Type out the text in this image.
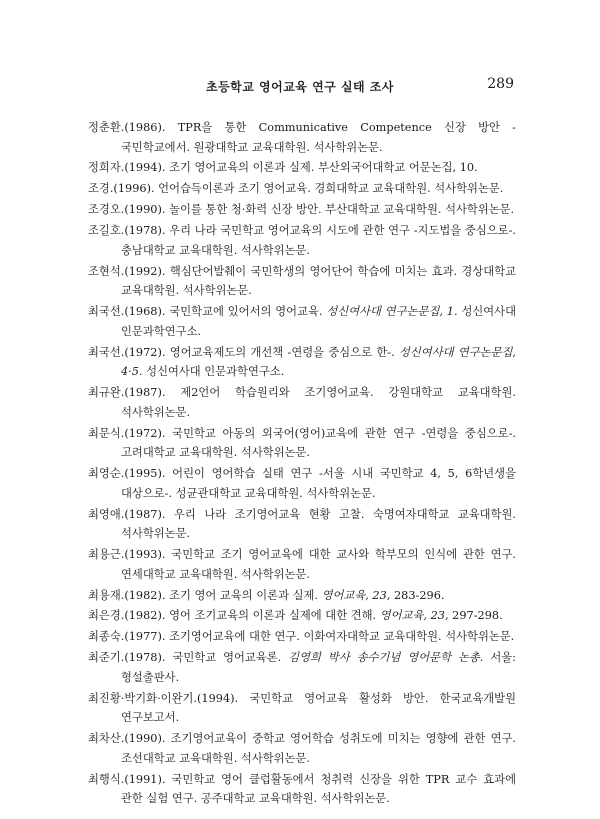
초등학교 영어교육 연구 실태 조사	289

정춘환.(1986). TPR을 통한 Communicative Competence 신장 방안 - 국민학교에서. 원광대학교 교육대학원. 석사학위논문.

정희자.(1994). 조기 영어교육의 이론과 실제. 부산외국어대학교 어문논집, 10.

조경.(1996). 언어습득이론과 조기 영어교육. 경희대학교 교육대학원. 석사학위논문.

조경오.(1990). 놀이를 통한 청·화력 신장 방안. 부산대학교 교육대학원. 석사학위논문.

조길호.(1978). 우리 나라 국민학교 영어교육의 시도에 관한 연구 -지도법을 중심으로-. 충남대학교 교육대학원. 석사학위논문.

조현석.(1992). 핵심단어발췌이 국민학생의 영어단어 학습에 미치는 효과. 경상대학교 교육대학원. 석사학위논문.

최국선.(1968). 국민학교에 있어서의 영어교육. 성신여사대 연구논문집, 1. 성신여사대 인문과학연구소.

최국선.(1972). 영어교육제도의 개선책 -연령을 중심으로 한-. 성신여사대 연구논문집, 4·5. 성신여사대 인문과학연구소.

최규완.(1987). 제2언어 학습원리와 조기영어교육. 강원대학교 교육대학원. 석사학위논문.

최문식.(1972). 국민학교 아동의 외국어(영어)교육에 관한 연구 -연령을 중심으로-. 고려대학교 교육대학원. 석사학위논문.

최영순.(1995). 어린이 영어학습 실태 연구 -서울 시내 국민학교 4, 5, 6학년생을 대상으로-. 성균관대학교 교육대학원. 석사학위논문.

최영애.(1987). 우리 나라 조기영어교육 현황 고찰. 숙명여자대학교 교육대학원. 석사학위논문.

최용근.(1993). 국민학교 조기 영어교육에 대한 교사와 학부모의 인식에 관한 연구. 연세대학교 교육대학원. 석사학위논문.

최용재.(1982). 조기 영어 교육의 이론과 실제. 영어교육, 23, 283-296.

최은경.(1982). 영어 조기교육의 이론과 실제에 대한 견해. 영어교육, 23, 297-298.

최종숙.(1977). 조기영어교육에 대한 연구. 이화여자대학교 교육대학원. 석사학위논문.

최준기.(1978). 국민학교 영어교육론. 김영희 박사 송수기념 영어문학 논총. 서울: 형설출판사.

최진황·박기화·이완기.(1994). 국민학교 영어교육 활성화 방안. 한국교육개발원 연구보고서.

최차산.(1990). 조기영어교육이 중학교 영어학습 성취도에 미치는 영향에 관한 연구. 조선대학교 교육대학원. 석사학위논문.

최행식.(1991). 국민학교 영어 클럽활동에서 청취력 신장을 위한 TPR 교수 효과에 관한 실험 연구. 공주대학교 교육대학원. 석사학위논문.
